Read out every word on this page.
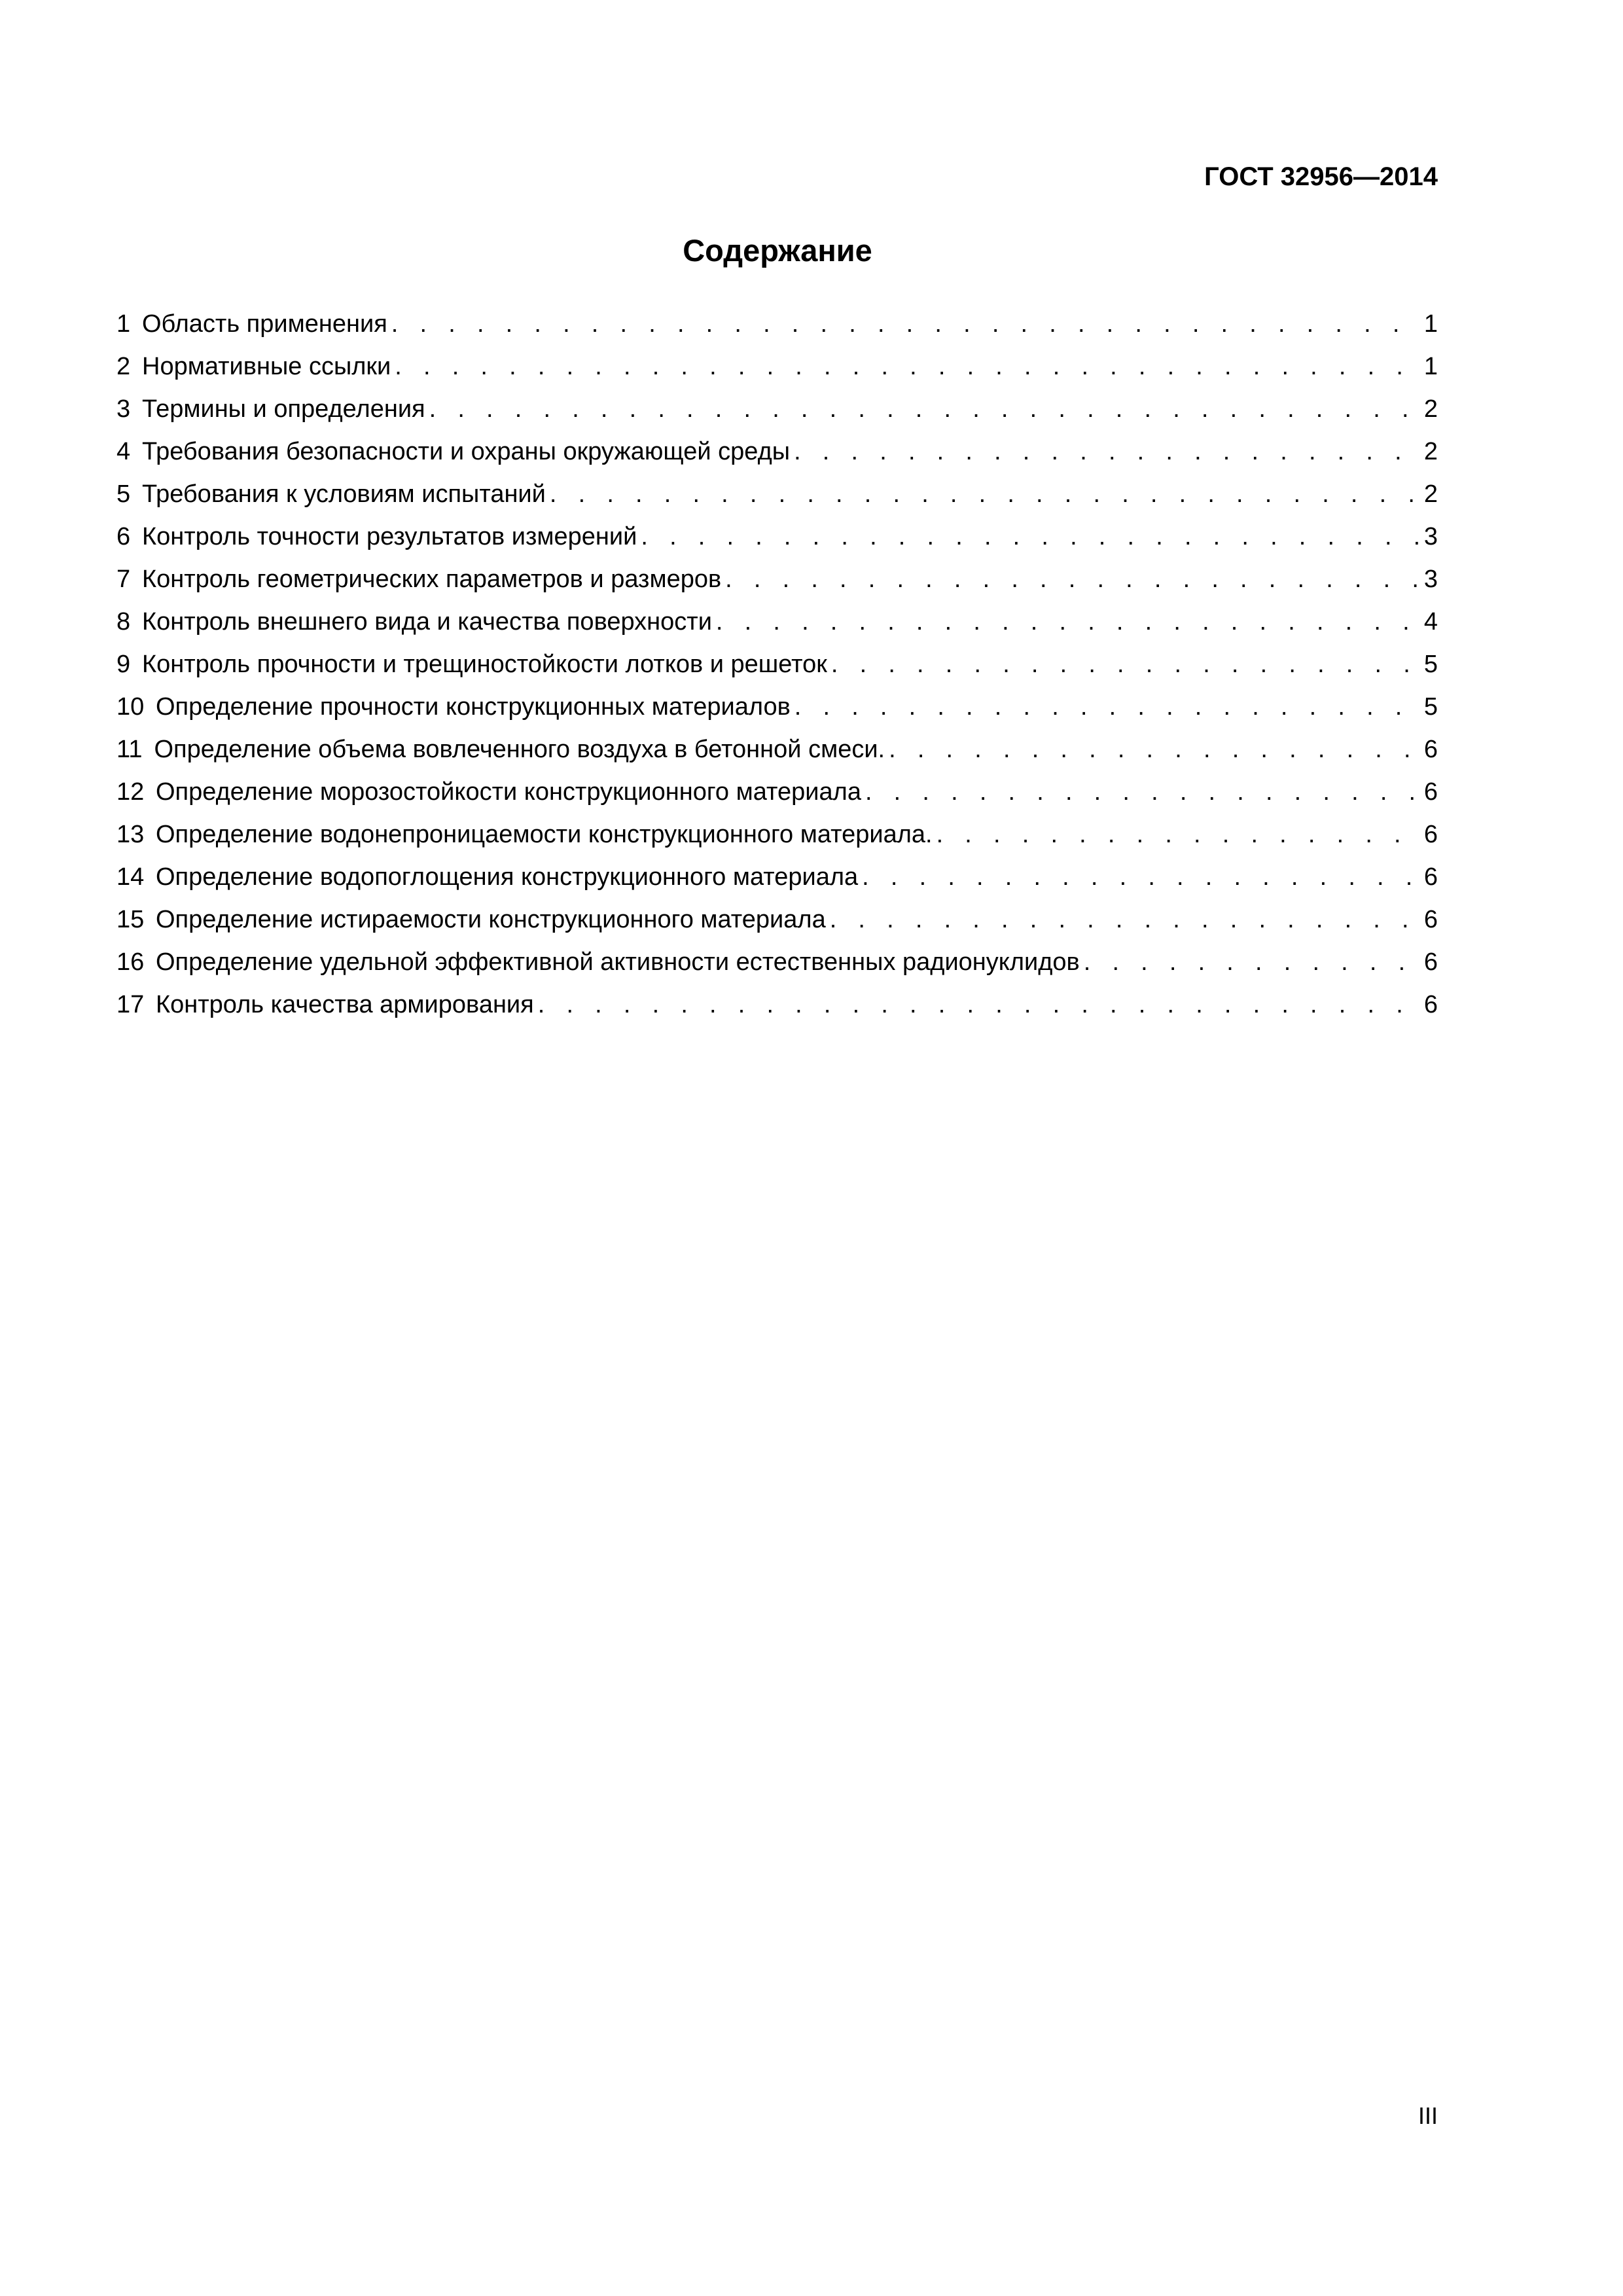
ГОСТ 32956—2014
Содержание
1 Область применения . . .	1
2 Нормативные ссылки . . .	1
3 Термины и определения . . .	2
4 Требования безопасности и охраны окружающей среды . . .	2
5 Требования к условиям испытаний . . .	2
6 Контроль точности результатов измерений . . .	3
7 Контроль геометрических параметров и размеров . . .	3
8 Контроль внешнего вида и качества поверхности . . .	4
9 Контроль прочности и трещиностойкости лотков и решеток . . .	5
10 Определение прочности конструкционных материалов . . .	5
11 Определение объема вовлеченного воздуха в бетонной смеси. . . .	6
12 Определение морозостойкости конструкционного материала . . .	6
13 Определение водонепроницаемости конструкционного материала. . . .	6
14 Определение водопоглощения конструкционного материала . . .	6
15 Определение истираемости конструкционного материала . . .	6
16 Определение удельной эффективной активности естественных радионуклидов . . .	6
17 Контроль качества армирования . . .	6
III
